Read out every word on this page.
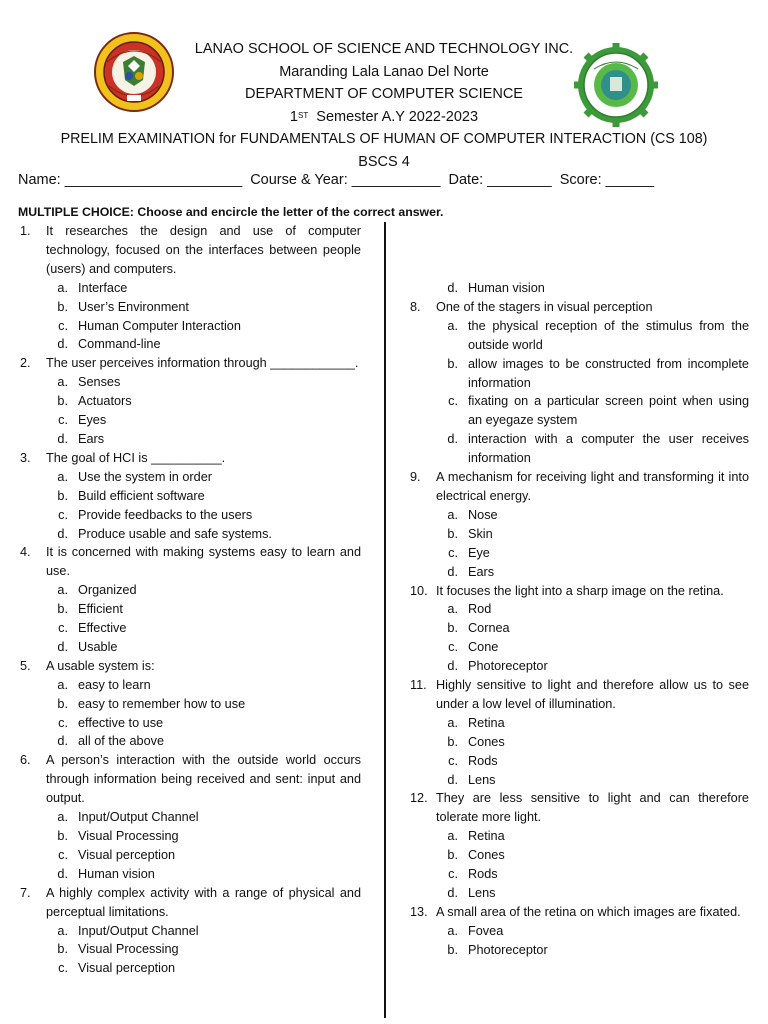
LANAO SCHOOL OF SCIENCE AND TECHNOLOGY INC.
Maranding Lala Lanao Del Norte
DEPARTMENT OF COMPUTER SCIENCE
1ST Semester A.Y 2022-2023
PRELIM EXAMINATION for FUNDAMENTALS OF HUMAN OF COMPUTER INTERACTION (CS 108)
BSCS 4
Name: ______________________ Course & Year: ___________ Date: ________ Score: ______
MULTIPLE CHOICE: Choose and encircle the letter of the correct answer.
1.	It researches the design and use of computer technology, focused on the interfaces between people (users) and computers.
a. Interface
b. User’s Environment
c. Human Computer Interaction
d. Command-line
2.	The user perceives information through ____________.
a. Senses
b. Actuators
c. Eyes
d. Ears
3.	The goal of HCI is __________.
a. Use the system in order
b. Build efficient software
c. Provide feedbacks to the users
d. Produce usable and safe systems.
4.	It is concerned with making systems easy to learn and use.
a. Organized
b. Efficient
c. Effective
d. Usable
5.	A usable system is:
a. easy to learn
b. easy to remember how to use
c. effective to use
d. all of the above
6.	A person’s interaction with the outside world occurs through information being received and sent: input and output.
a. Input/Output Channel
b. Visual Processing
c. Visual perception
d. Human vision
7.	A highly complex activity with a range of physical and perceptual limitations.
a. Input/Output Channel
b. Visual Processing
c. Visual perception
d. Human vision
8.	One of the stagers in visual perception
a. the physical reception of the stimulus from the outside world
b. allow images to be constructed from incomplete information
c. fixating on a particular screen point when using an eyegaze system
d. interaction with a computer the user receives information
9.	A mechanism for receiving light and transforming it into electrical energy.
a. Nose
b. Skin
c. Eye
d. Ears
10. It focuses the light into a sharp image on the retina.
a. Rod
b. Cornea
c. Cone
d. Photoreceptor
11. Highly sensitive to light and therefore allow us to see under a low level of illumination.
a. Retina
b. Cones
c. Rods
d. Lens
12. They are less sensitive to light and can therefore tolerate more light.
a. Retina
b. Cones
c. Rods
d. Lens
13. A small area of the retina on which images are fixated.
a. Fovea
b. Photoreceptor
